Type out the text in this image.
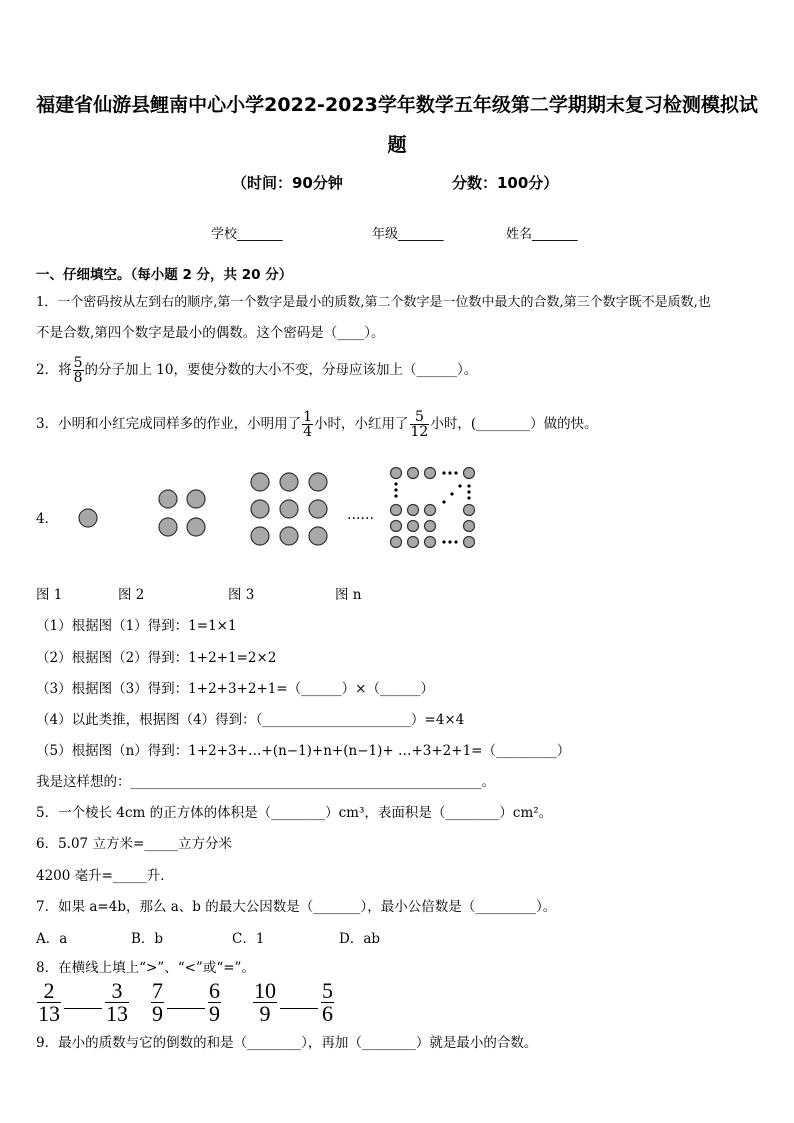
福建省仙游县鲤南中心小学2022-2023学年数学五年级第二学期期末复习检测模拟试
题
（时间：90分钟	分数：100分）
学校_______	年级_______	姓名_______
一、仔细填空。（每小题 2 分，共 20 分）
1．一个密码按从左到右的顺序,第一个数字是最小的质数,第二个数字是一位数中最大的合数,第三个数字既不是质数,也
不是合数,第四个数字是最小的偶数。这个密码是（____）。
2．将 $\frac{5}{8}$ 的分子加上 10，要使分数的大小不变，分母应该加上（______）。
3．小明和小红完成同样多的作业，小明用了 $\frac{1}{4}$ 小时，小红用了 $\frac{5}{12}$ 小时，(________）做的快。
4．	……
图 1	图 2	图 3	图 n
（1）根据图（1）得到：1=1×1
（2）根据图（2）得到：1+2+1=2×2
（3）根据图（3）得到：1+2+3+2+1=（______）×（______）
（4）以此类推，根据图（4）得到：（______________________）=4×4
（5）根据图（n）得到：1+2+3+…+(n−1)+n+(n−1)+ …+3+2+1=（_________）
我是这样想的：____________________________________________________。
5．一个棱长 4cm 的正方体的体积是（________）cm³，表面积是（________）cm²。
6．5.07 立方米=_____立方分米
4200 毫升=_____升．
7．如果 a=4b，那么 a、b 的最大公因数是（_______），最小公倍数是（_________）。
A．a	B．b	C．1	D．ab
8．在横线上填上“>”、“<”或“=”。
$\frac{2}{13} \frac{3}{13} \frac{7}{9} \frac{6}{9} \frac{10}{9} \frac{5}{6}$
9．最小的质数与它的倒数的和是（________），再加（________）就是最小的合数。
